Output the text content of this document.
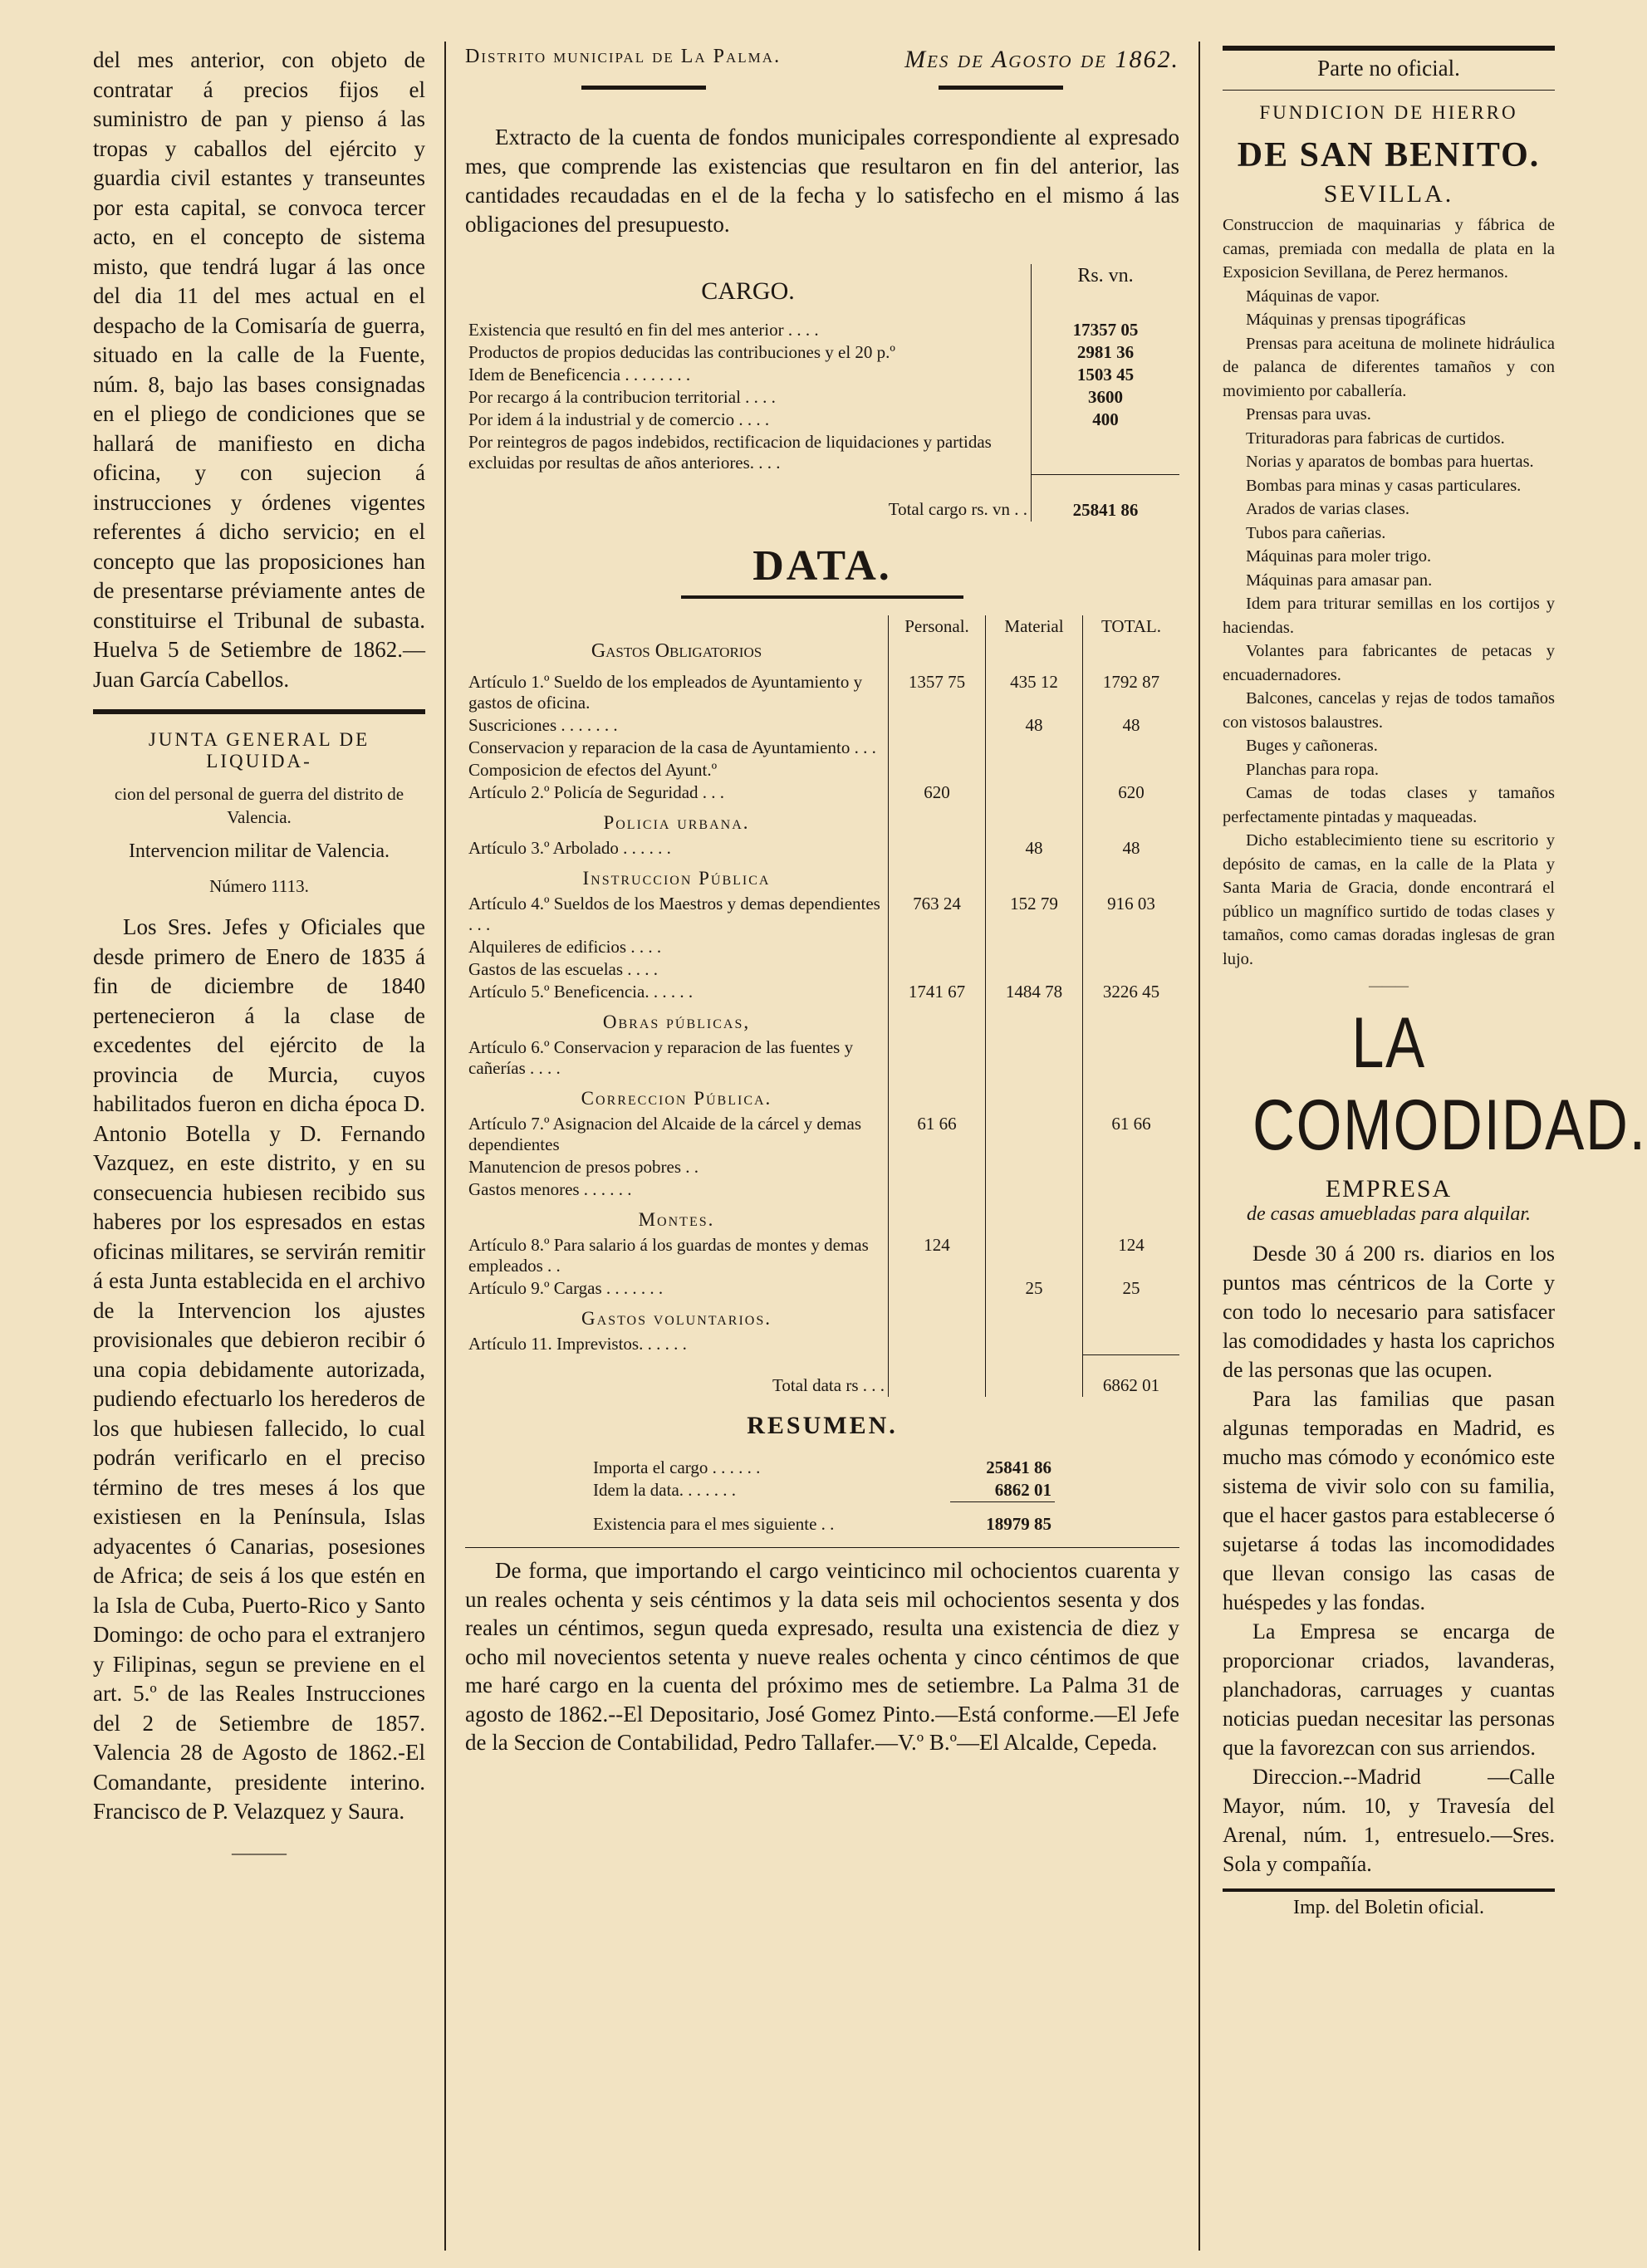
del mes anterior, con objeto de contratar á precios fijos el suministro de pan y pienso á las tropas y caballos del ejército y guardia civil estantes y transeuntes por esta capital, se convoca tercer acto, en el concepto de sistema misto, que tendrá lugar á las once del dia 11 del mes actual en el despacho de la Comisaría de guerra, situado en la calle de la Fuente, núm. 8, bajo las bases consignadas en el pliego de condiciones que se hallará de manifiesto en dicha oficina, y con sujecion á instrucciones y órdenes vigentes referentes á dicho servicio; en el concepto que las proposiciones han de presentarse préviamente antes de constituirse el Tribunal de subasta. Huelva 5 de Setiembre de 1862.—Juan García Cabellos.

JUNTA GENERAL DE LIQUIDA-
cion del personal de guerra del distrito de Valencia.
Intervencion militar de Valencia.
Número 1113.

Los Sres. Jefes y Oficiales que desde primero de Enero de 1835 á fin de diciembre de 1840 pertenecieron á la clase de excedentes del ejército de la provincia de Murcia, cuyos habilitados fueron en dicha época D. Antonio Botella y D. Fernando Vazquez, en este distrito, y en su consecuencia hubiesen recibido sus haberes por los espresados en estas oficinas militares, se servirán remitir á esta Junta establecida en el archivo de la Intervencion los ajustes provisionales que debieron recibir ó una copia debidamente autorizada, pudiendo efectuarlo los herederos de los que hubiesen fallecido, lo cual podrán verificarlo en el preciso término de tres meses á los que existiesen en la Península, Islas adyacentes ó Canarias, posesiones de Africa; de seis á los que estén en la Isla de Cuba, Puerto-Rico y Santo Domingo: de ocho para el extranjero y Filipinas, segun se previene en el art. 5.º de las Reales Instrucciones del 2 de Setiembre de 1857. Valencia 28 de Agosto de 1862.-El Comandante, presidente interino. Francisco de P. Velazquez y Saura.

———
Distrito municipal de La Palma.	Mes de Agosto de 1862.

Extracto de la cuenta de fondos municipales correspondiente al expresado mes, que comprende las existencias que resultaron en fin del anterior, las cantidades recaudadas en el de la fecha y lo satisfecho en el mismo á las obligaciones del presupuesto.

CARGO.	Rs. vn.
Existencia que resultó en fin del mes anterior . . . .	17357 05
Productos de propios deducidas las contribuciones y el 20 p.º	2981 36
Idem de Beneficencia . . . . . . . .	1503 45
Por recargo á la contribucion territorial . . . .	3600
Por idem á la industrial y de comercio . . . .	400
Por reintegros de pagos indebidos, rectificacion de liquidaciones y partidas excluidas por resultas de años anteriores. . . .	
Total cargo rs. vn . .	25841 86
DATA.
Gastos Obligatorios	Personal.	Material	TOTAL.
Artículo 1.º Sueldo de los empleados de Ayuntamiento y gastos de oficina.	1357 75	435 12	1792 87
Suscriciones . . . . . . .		48	48
Conservacion y reparacion de la casa de Ayuntamiento . . .			
Composicion de efectos del Ayunt.º			
Artículo 2.º Policía de Seguridad . . .	620		620
Policia urbana.			
Artículo 3.º Arbolado . . . . . .		48	48
Instruccion Pública			
Artículo 4.º Sueldos de los Maestros y demas dependientes . . .	763 24	152 79	916 03
Alquileres de edificios . . . .			
Gastos de las escuelas . . . .			
Artículo 5.º Beneficencia. . . . . .	1741 67	1484 78	3226 45
Obras públicas,			
Artículo 6.º Conservacion y reparacion de las fuentes y cañerías . . . .			
Correccion Pública.			
Artículo 7.º Asignacion del Alcaide de la cárcel y demas dependientes	61 66		61 66
Manutencion de presos pobres . .			
Gastos menores . . . . . .			
Montes.			
Artículo 8.º Para salario á los guardas de montes y demas empleados . .	124		124
Artículo 9.º Cargas . . . . . . .		25	25
Gastos voluntarios.			
Artículo 11. Imprevistos. . . . . .			
Total data rs . . .			6862 01
RESUMEN.
Importa el cargo . . . . . .	25841 86
Idem la data. . . . . . .	6862 01
Existencia para el mes siguiente . .	18979 85

De forma, que importando el cargo veinticinco mil ochocientos cuarenta y un reales ochenta y seis céntimos y la data seis mil ochocientos sesenta y dos reales un céntimos, segun queda expresado, resulta una existencia de diez y ocho mil novecientos setenta y nueve reales ochenta y cinco céntimos de que me haré cargo en la cuenta del próximo mes de setiembre. La Palma 31 de agosto de 1862.--El Depositario, José Gomez Pinto.—Está conforme.—El Jefe de la Seccion de Contabilidad, Pedro Tallafer.—V.º B.º—El Alcalde, Cepeda.

Parte no oficial.
FUNDICION DE HIERRO
DE SAN BENITO.
SEVILLA.
Construccion de maquinarias y fábrica de camas, premiada con medalla de plata en la Exposicion Sevillana, de Perez hermanos.
Máquinas de vapor.
Máquinas y prensas tipográficas
Prensas para aceituna de molinete hidráulica de palanca de diferentes tamaños y con movimiento por caballería.
Prensas para uvas.
Trituradoras para fabricas de curtidos.
Norias y aparatos de bombas para huertas.
Bombas para minas y casas particulares.
Arados de varias clases.
Tubos para cañerias.
Máquinas para moler trigo.
Máquinas para amasar pan.
Idem para triturar semillas en los cortijos y haciendas.
Volantes para fabricantes de petacas y encuadernadores.
Balcones, cancelas y rejas de todos tamaños con vistosos balaustres.
Buges y cañoneras.
Planchas para ropa.
Camas de todas clases y tamaños perfectamente pintadas y maqueadas.
Dicho establecimiento tiene su escritorio y depósito de camas, en la calle de la Plata y Santa Maria de Gracia, donde encontrará el público un magnífico surtido de todas clases y tamaños, como camas doradas inglesas de gran lujo.
———
LA COMODIDAD.
EMPRESA
de casas amuebladas para alquilar.

Desde 30 á 200 rs. diarios en los puntos mas céntricos de la Corte y con todo lo necesario para satisfacer las comodidades y hasta los caprichos de las personas que las ocupen.

Para las familias que pasan algunas temporadas en Madrid, es mucho mas cómodo y económico este sistema de vivir solo con su familia, que el hacer gastos para establecerse ó sujetarse á todas las incomodidades que llevan consigo las casas de huéspedes y las fondas.

La Empresa se encarga de proporcionar criados, lavanderas, planchadoras, carruages y cuantas noticias puedan necesitar las personas que la favorezcan con sus arriendos.

Direccion.--Madrid —Calle Mayor, núm. 10, y Travesía del Arenal, núm. 1, entresuelo.—Sres. Sola y compañía.

Imp. del Boletin oficial.
